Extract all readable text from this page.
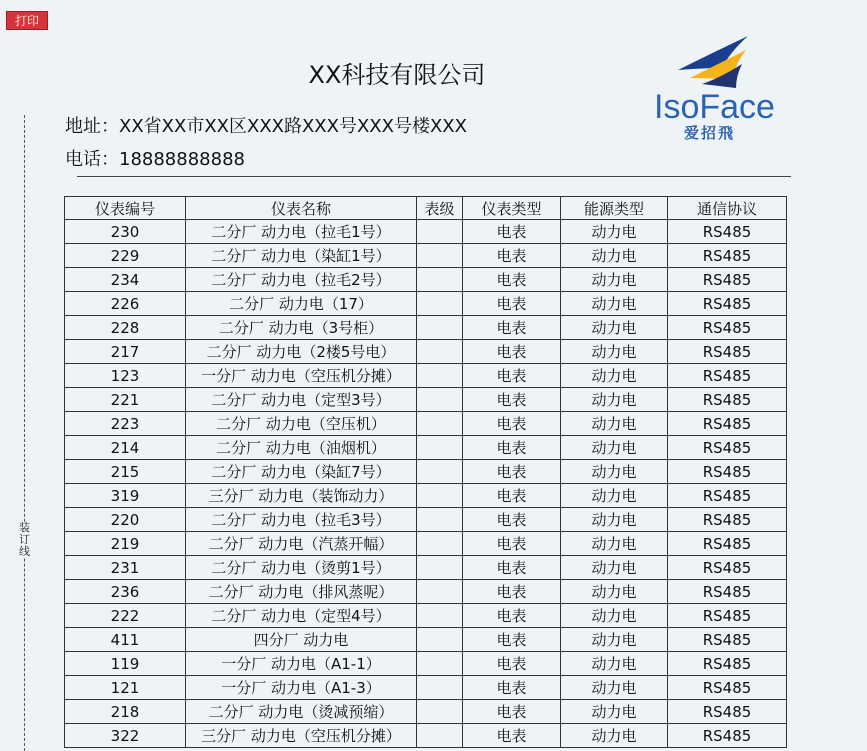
打印
装订线
XX科技有限公司
地址：XX省XX市XX区XXX路XXX号XXX号楼XXX
电话：18888888888
IsoFace
爱招飛
仪表编号	仪表名称	表级	仪表类型	能源类型	通信协议
230	二分厂 动力电（拉毛1号）		电表	动力电	RS485
229	二分厂 动力电（染缸1号）		电表	动力电	RS485
234	二分厂 动力电（拉毛2号）		电表	动力电	RS485
226	二分厂 动力电（17）		电表	动力电	RS485
228	二分厂 动力电（3号柜）		电表	动力电	RS485
217	二分厂 动力电（2楼5号电）		电表	动力电	RS485
123	一分厂 动力电（空压机分摊）		电表	动力电	RS485
221	二分厂 动力电（定型3号）		电表	动力电	RS485
223	二分厂 动力电（空压机）		电表	动力电	RS485
214	二分厂 动力电（油烟机）		电表	动力电	RS485
215	二分厂 动力电（染缸7号）		电表	动力电	RS485
319	三分厂 动力电（装饰动力）		电表	动力电	RS485
220	二分厂 动力电（拉毛3号）		电表	动力电	RS485
219	二分厂 动力电（汽蒸开幅）		电表	动力电	RS485
231	二分厂 动力电（烫剪1号）		电表	动力电	RS485
236	二分厂 动力电（排风蒸呢）		电表	动力电	RS485
222	二分厂 动力电（定型4号）		电表	动力电	RS485
411	四分厂 动力电		电表	动力电	RS485
119	一分厂 动力电（A1-1）		电表	动力电	RS485
121	一分厂 动力电（A1-3）		电表	动力电	RS485
218	二分厂 动力电（烫减预缩）		电表	动力电	RS485
322	三分厂 动力电（空压机分摊）		电表	动力电	RS485
